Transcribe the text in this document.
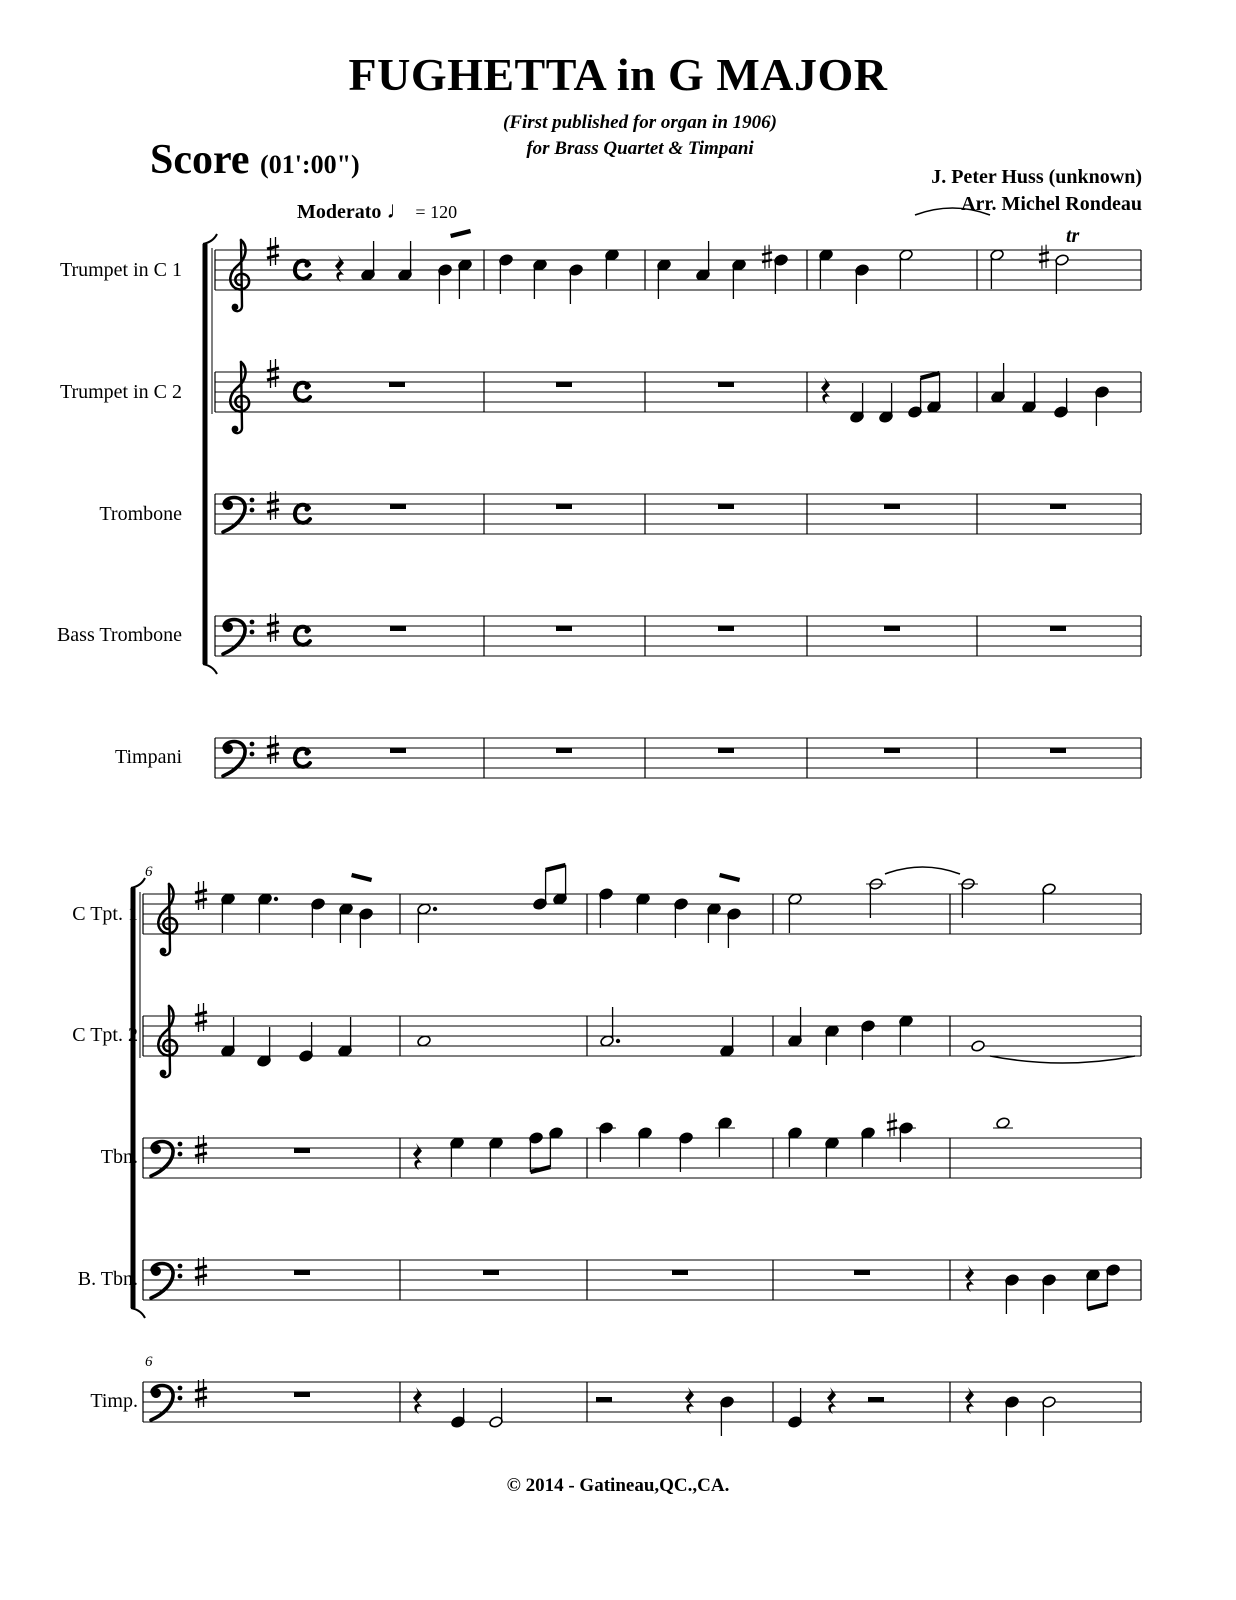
FUGHETTA in G MAJOR
(First published for organ in 1906)
for Brass Quartet & Timpani
Score (01':00")	J. Peter Huss (unknown)
Arr. Michel Rondeau
Moderato ♩ = 120
Trumpet in C 1
Trumpet in C 2
Trombone
Bass Trombone
Timpani
C Tpt. 1
C Tpt. 2
Tbn.
B. Tbn.
Timp.
tr
6
6
© 2014 - Gatineau,QC.,CA.
